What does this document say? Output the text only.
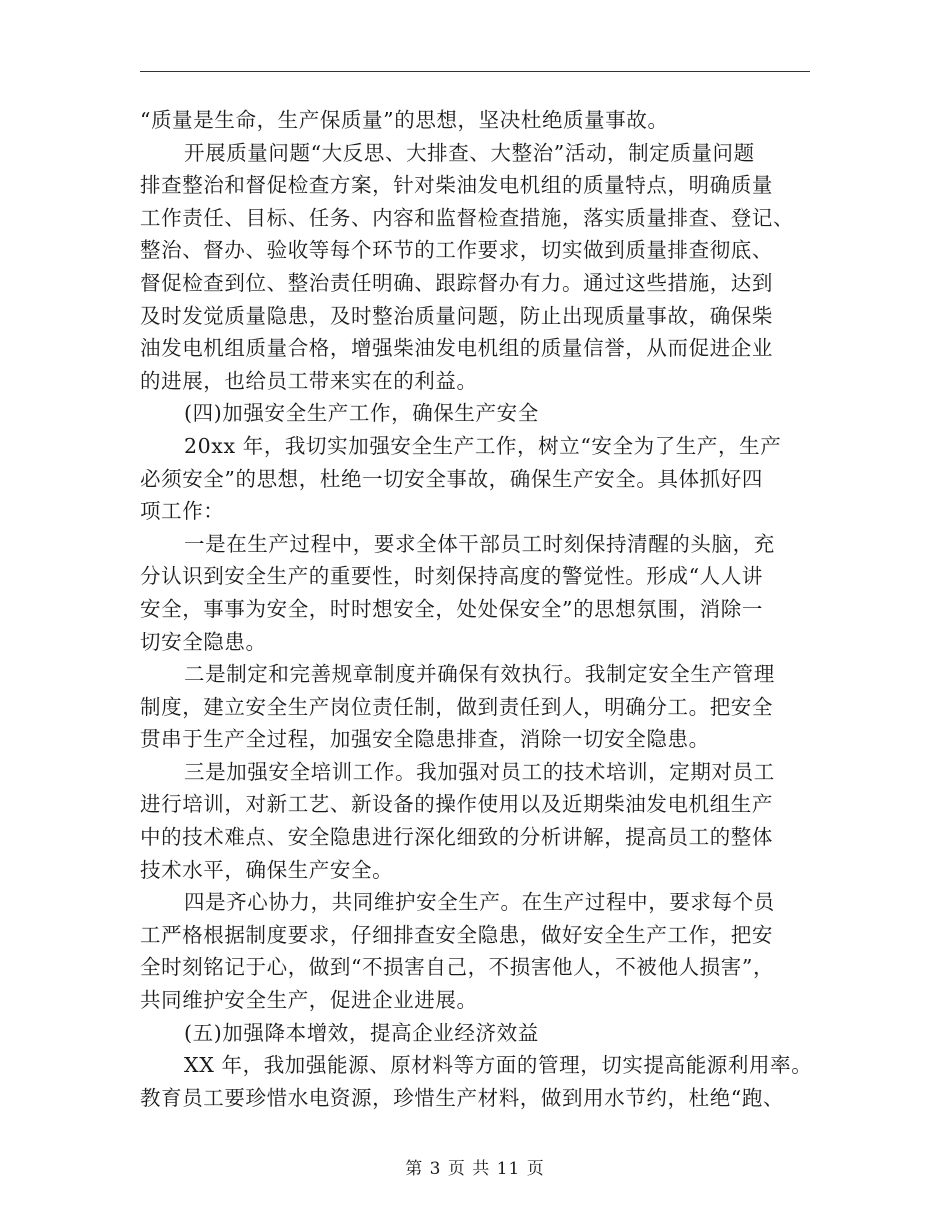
“质量是生命，生产保质量”的思想，坚决杜绝质量事故。
开展质量问题“大反思、大排查、大整治”活动，制定质量问题
排查整治和督促检查方案，针对柴油发电机组的质量特点，明确质量
工作责任、目标、任务、内容和监督检查措施，落实质量排查、登记、
整治、督办、验收等每个环节的工作要求，切实做到质量排查彻底、
督促检查到位、整治责任明确、跟踪督办有力。通过这些措施，达到
及时发觉质量隐患，及时整治质量问题，防止出现质量事故，确保柴
油发电机组质量合格，增强柴油发电机组的质量信誉，从而促进企业
的进展，也给员工带来实在的利益。
(四)加强安全生产工作，确保生产安全
20xx 年，我切实加强安全生产工作，树立“安全为了生产，生产
必须安全”的思想，杜绝一切安全事故，确保生产安全。具体抓好四
项工作：
一是在生产过程中，要求全体干部员工时刻保持清醒的头脑，充
分认识到安全生产的重要性，时刻保持高度的警觉性。形成“人人讲
安全，事事为安全，时时想安全，处处保安全”的思想氛围，消除一
切安全隐患。
二是制定和完善规章制度并确保有效执行。我制定安全生产管理
制度，建立安全生产岗位责任制，做到责任到人，明确分工。把安全
贯串于生产全过程，加强安全隐患排查，消除一切安全隐患。
三是加强安全培训工作。我加强对员工的技术培训，定期对员工
进行培训，对新工艺、新设备的操作使用以及近期柴油发电机组生产
中的技术难点、安全隐患进行深化细致的分析讲解，提高员工的整体
技术水平，确保生产安全。
四是齐心协力，共同维护安全生产。在生产过程中，要求每个员
工严格根据制度要求，仔细排查安全隐患，做好安全生产工作，把安
全时刻铭记于心，做到“不损害自己，不损害他人，不被他人损害”，
共同维护安全生产，促进企业进展。
(五)加强降本增效，提高企业经济效益
XX 年，我加强能源、原材料等方面的管理，切实提高能源利用率。
教育员工要珍惜水电资源，珍惜生产材料，做到用水节约，杜绝“跑、
第 3 页 共 11 页
